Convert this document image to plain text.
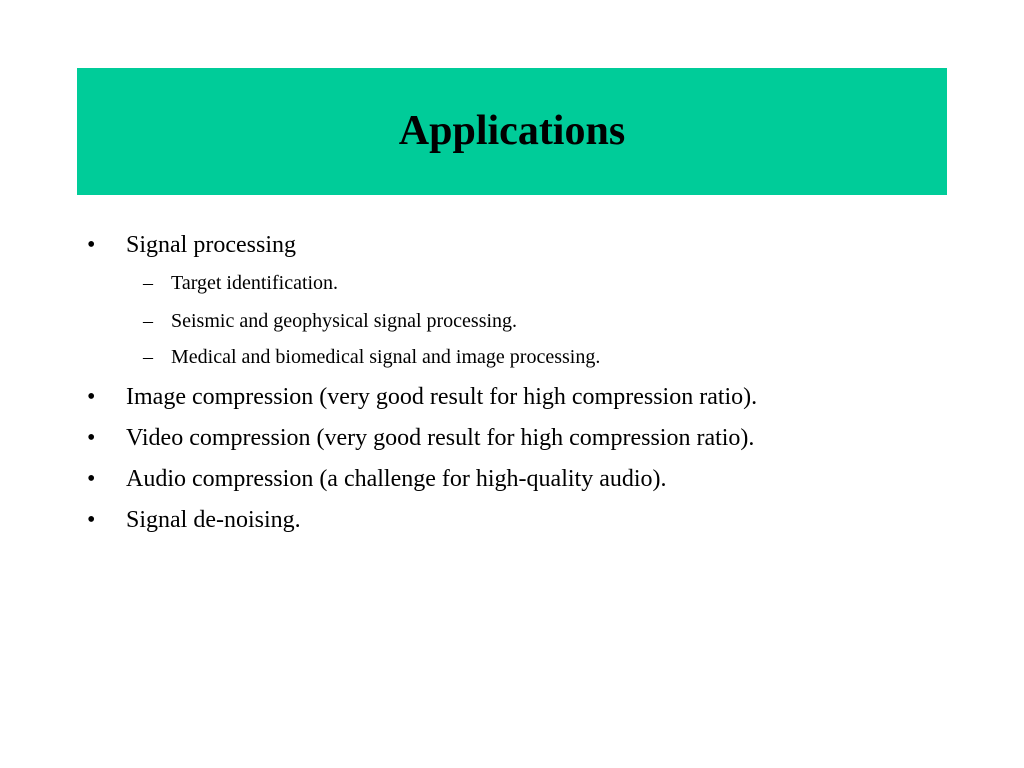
Applications
• Signal processing
– Target identification.
– Seismic and geophysical signal processing.
– Medical and biomedical signal and image processing.
• Image compression (very good result for high compression ratio).
• Video compression (very good result for high compression ratio).
• Audio compression (a challenge for high-quality audio).
• Signal de-noising.
